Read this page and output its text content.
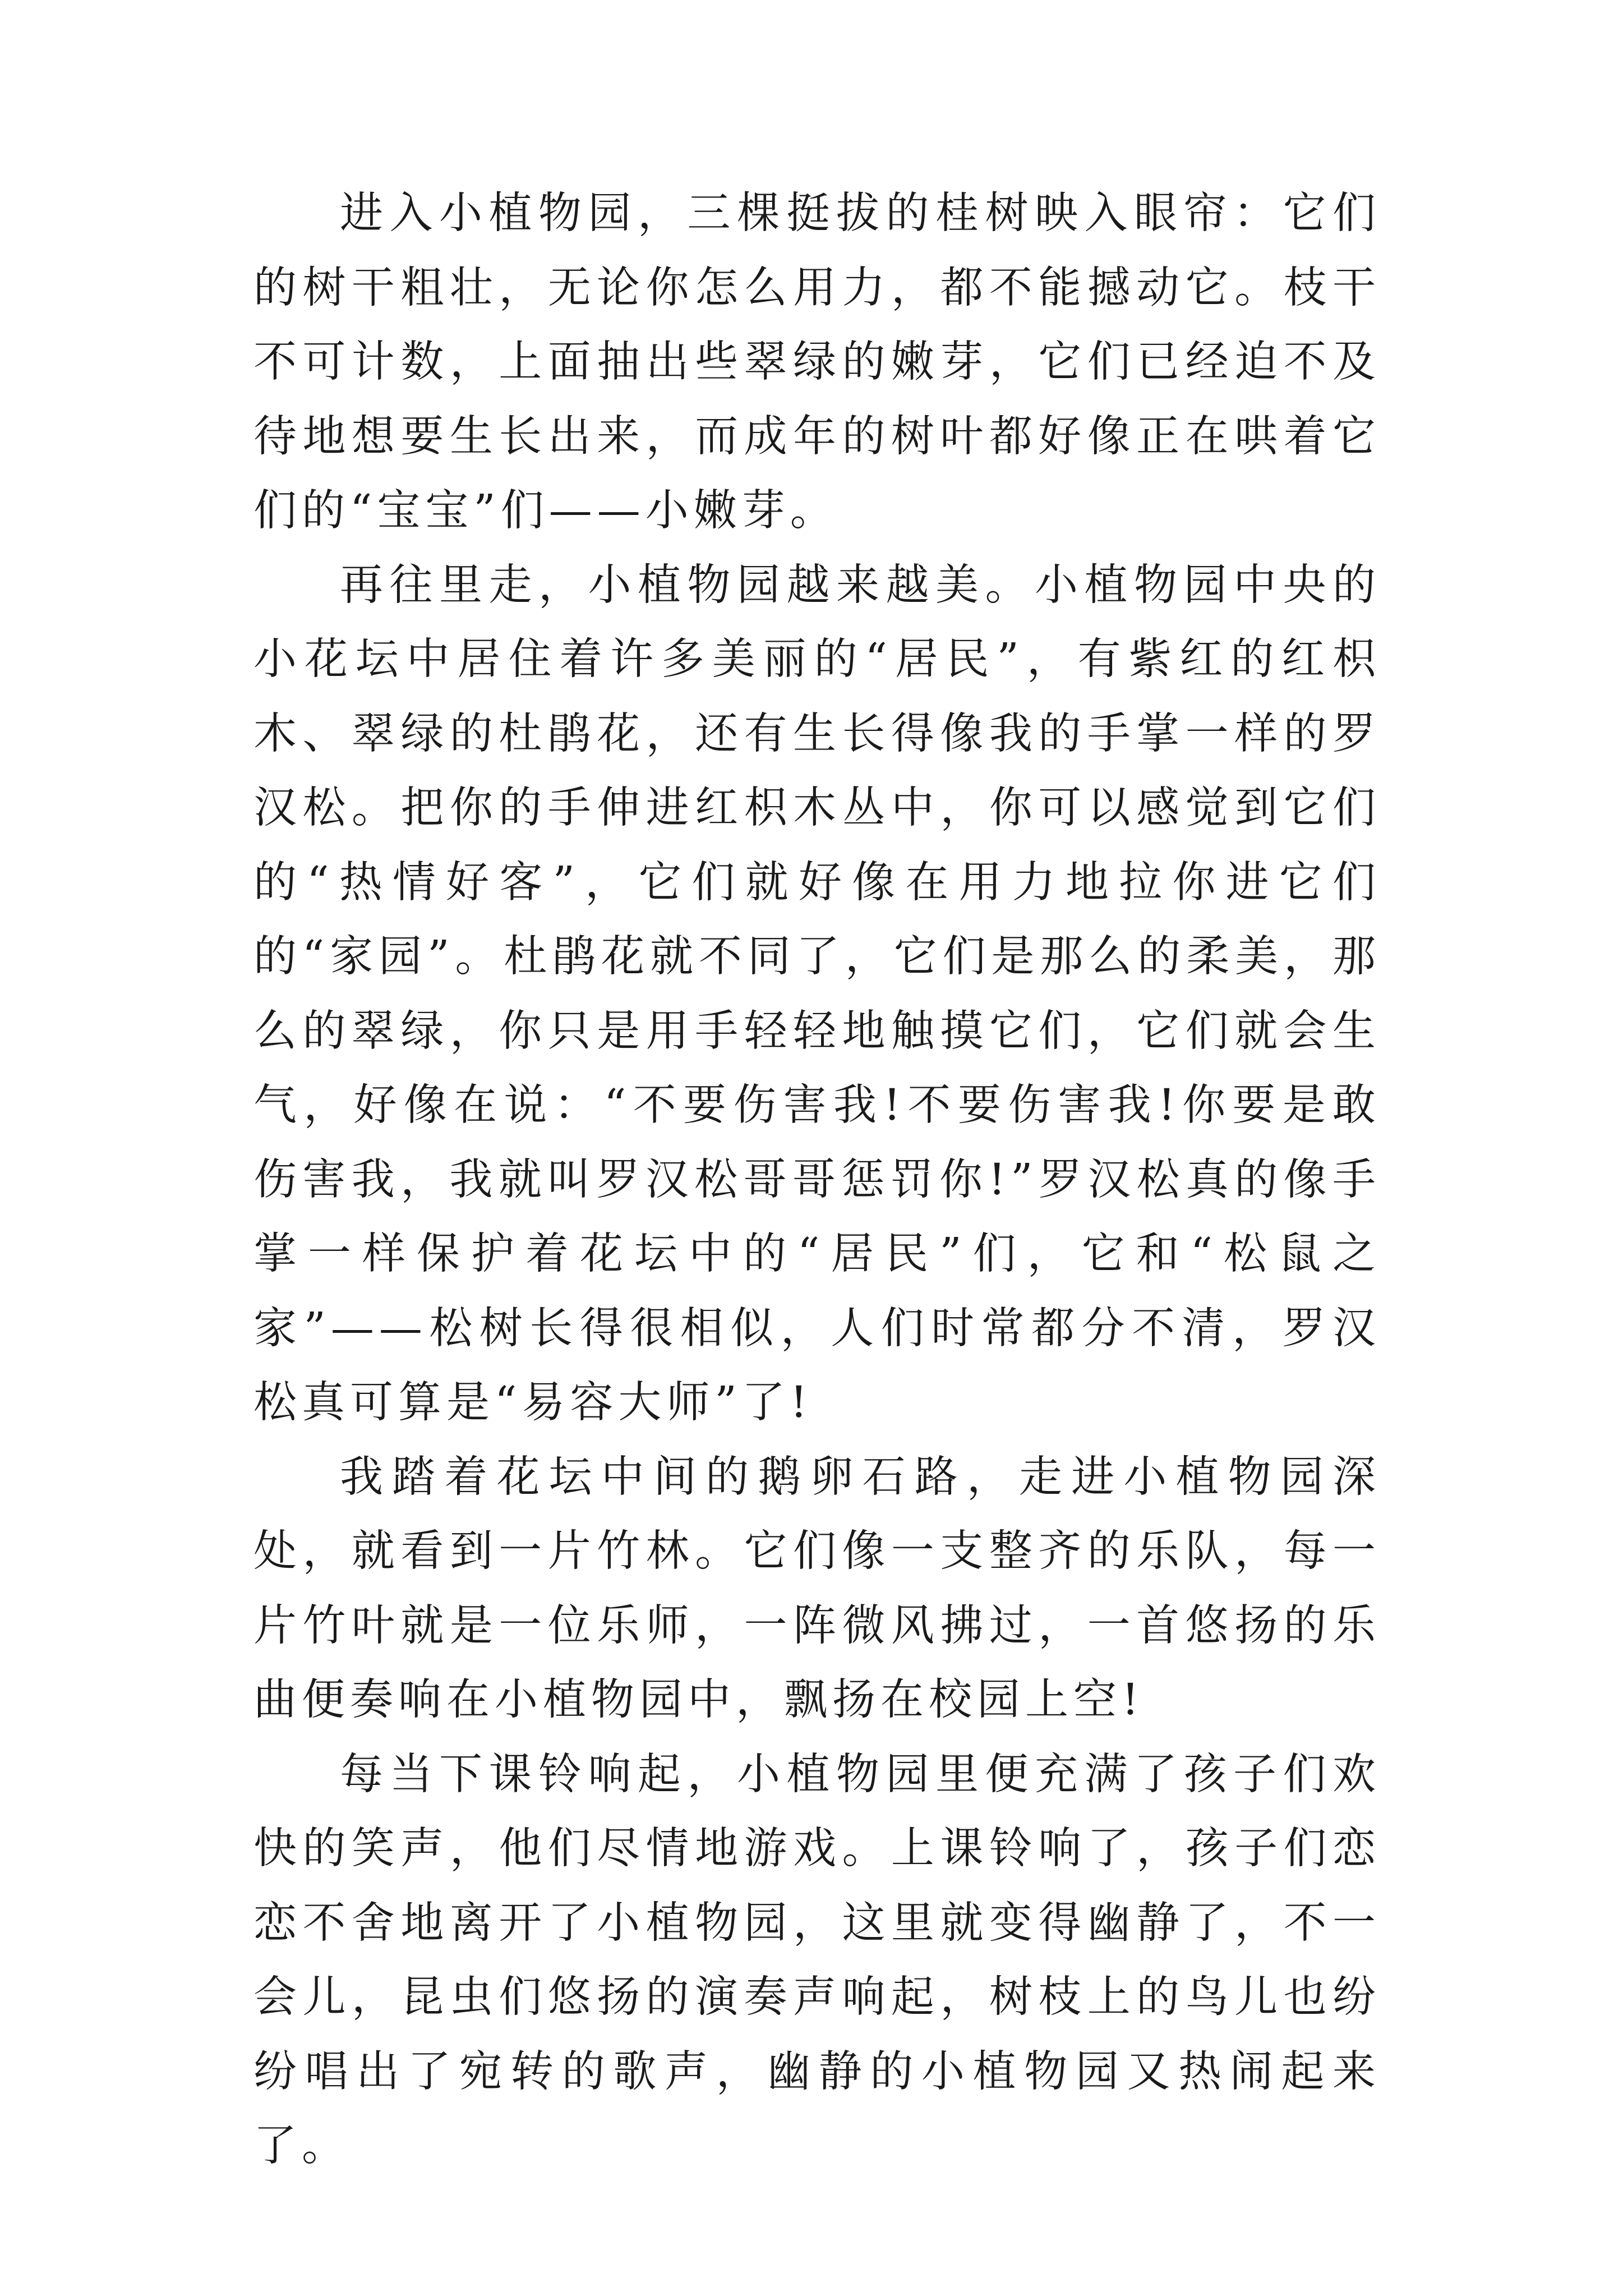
进入小植物园，三棵挺拔的桂树映入眼帘：它们的树干粗壮，无论你怎么用力，都不能撼动它。枝干不可计数，上面抽出些翠绿的嫩芽，它们已经迫不及待地想要生长出来，而成年的树叶都好像正在哄着它们的“宝宝”们——小嫩芽。

再往里走，小植物园越来越美。小植物园中央的小花坛中居住着许多美丽的“居民”，有紫红的红枳木、翠绿的杜鹃花，还有生长得像我的手掌一样的罗汉松。把你的手伸进红枳木丛中，你可以感觉到它们的“热情好客”，它们就好像在用力地拉你进它们的“家园”。杜鹃花就不同了，它们是那么的柔美，那么的翠绿，你只是用手轻轻地触摸它们，它们就会生气，好像在说：“不要伤害我!不要伤害我!你要是敢伤害我，我就叫罗汉松哥哥惩罚你!”罗汉松真的像手掌一样保护着花坛中的“居民”们，它和“松鼠之家”——松树长得很相似，人们时常都分不清，罗汉松真可算是“易容大师”了!

我踏着花坛中间的鹅卵石路，走进小植物园深处，就看到一片竹林。它们像一支整齐的乐队，每一片竹叶就是一位乐师，一阵微风拂过，一首悠扬的乐曲便奏响在小植物园中，飘扬在校园上空!

每当下课铃响起，小植物园里便充满了孩子们欢快的笑声，他们尽情地游戏。上课铃响了，孩子们恋恋不舍地离开了小植物园，这里就变得幽静了，不一会儿，昆虫们悠扬的演奏声响起，树枝上的鸟儿也纷纷唱出了宛转的歌声，幽静的小植物园又热闹起来了。
